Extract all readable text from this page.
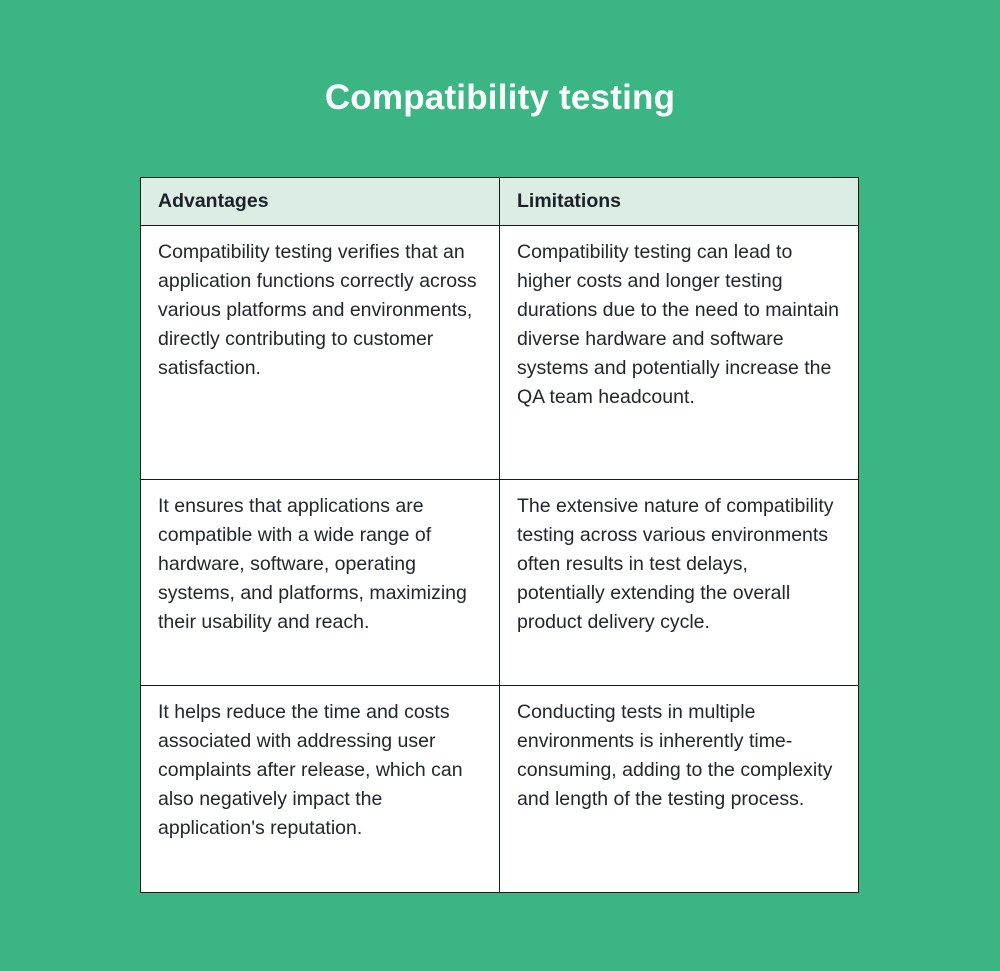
Compatibility testing
Advantages	Limitations
Compatibility testing verifies that an application functions correctly across various platforms and environments, directly contributing to customer satisfaction.	Compatibility testing can lead to higher costs and longer testing durations due to the need to maintain diverse hardware and software systems and potentially increase the QA team headcount.
It ensures that applications are compatible with a wide range of hardware, software, operating systems, and platforms, maximizing their usability and reach.	The extensive nature of compatibility testing across various environments often results in test delays, potentially extending the overall product delivery cycle.
It helps reduce the time and costs associated with addressing user complaints after release, which can also negatively impact the application's reputation.	Conducting tests in multiple environments is inherently time-consuming, adding to the complexity and length of the testing process.
